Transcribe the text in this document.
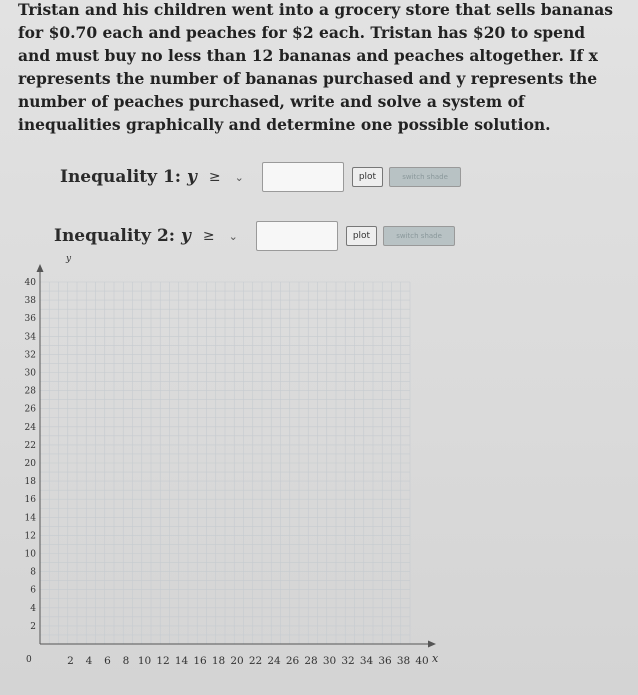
Tristan and his children went into a grocery store that sells bananas for $0.70 each and peaches for $2 each. Tristan has $20 to spend and must buy no less than 12 bananas and peaches altogether. If x represents the number of bananas purchased and y represents the number of peaches purchased, write and solve a system of inequalities graphically and determine one possible solution.
Inequality 1: y ≥ ⌄	plot	switch shade
Inequality 2: y ≥ ⌄	plot	switch shade
2 4 6 8 10 12 14 16 18 20 22 24 26 28 30 32 34 36 38 40
2
4
6
8
10
12
14
16
18
20
22
24
26
28
30
32
34
36
38
40
x
y
0
